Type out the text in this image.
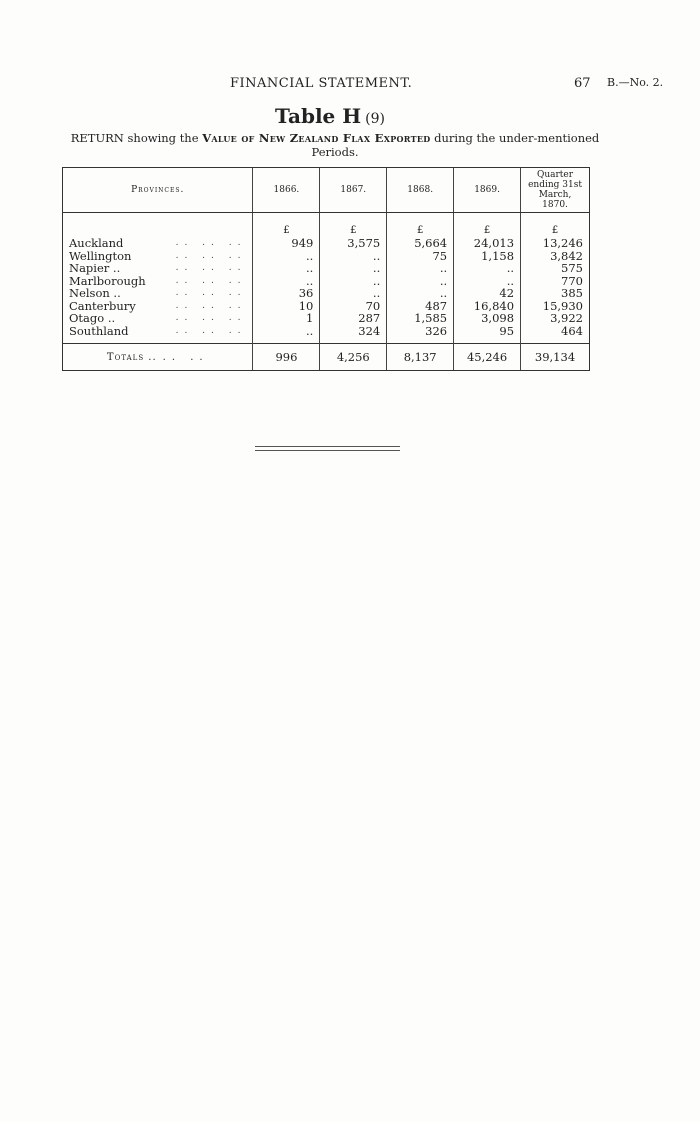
FINANCIAL STATEMENT.	67 B.—No. 2.
Table H (9)
RETURN showing the Value of New Zealand Flax Exported during the under-mentioned
Periods.
Provinces.	1866.	1867.	1868.	1869.	Quarter
ending 31st
March, 1870.
	£	£	£	£	£
Auckland .. .. ..	949	3,575	5,664	24,013	13,246
Wellington .. .. ..	..	..	75	1,158	3,842
Napier .. .. .. ..	..	..	..	..	575
Marlborough .. .. ..	..	..	..	..	770
Nelson .. .. .. ..	36	..	..	42	385
Canterbury .. .. ..	10	70	487	16,840	15,930
Otago .. .. .. ..	1	287	1,585	3,098	3,922
Southland .. .. ..	..	324	326	95	464
Totals .. .. ..	996	4,256	8,137	45,246	39,134
